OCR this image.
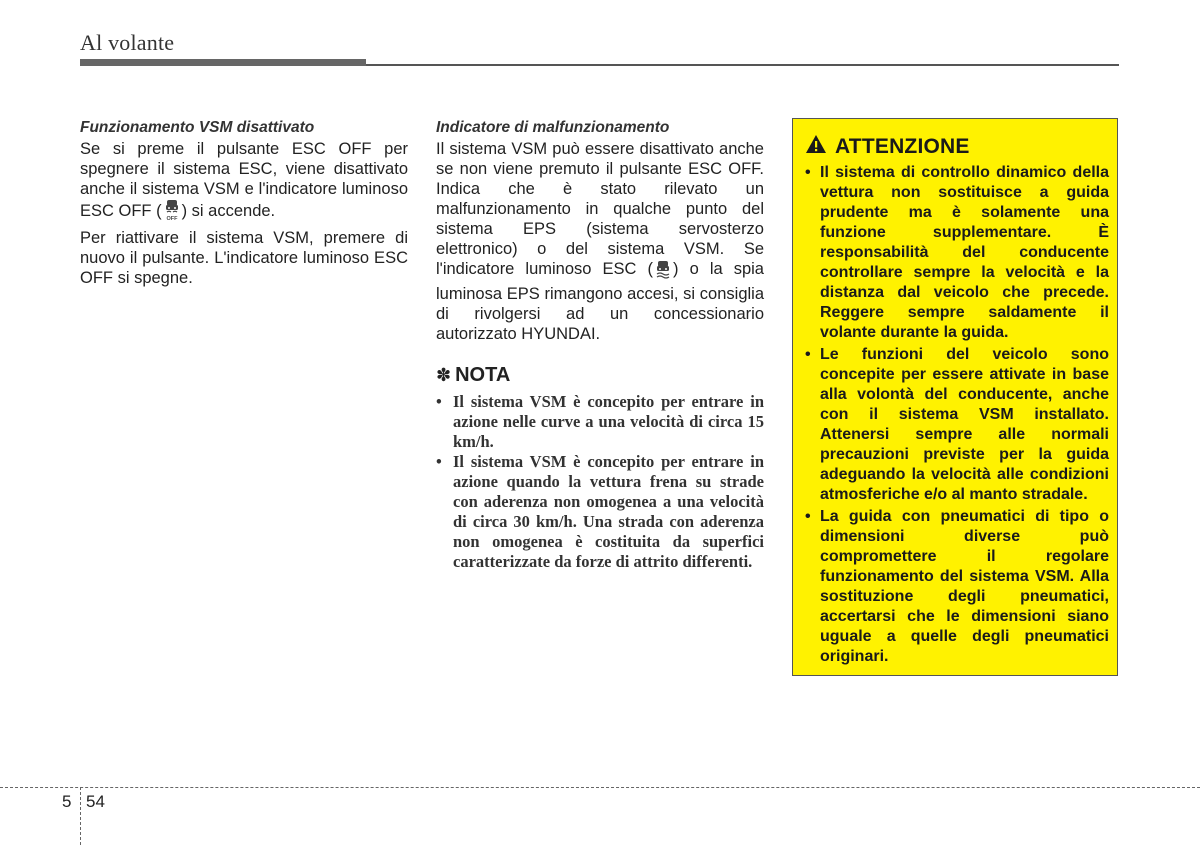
Al volante
Funzionamento VSM disattivato

Se si preme il pulsante ESC OFF per spegnere il sistema ESC, viene disattivato anche il sistema VSM e l'indicatore luminoso ESC OFF ( OFF ) si accende.

Per riattivare il sistema VSM, premere di nuovo il pulsante. L'indicatore luminoso ESC OFF si spegne.

Indicatore di malfunzionamento

Il sistema VSM può essere disattivato anche se non viene premuto il pulsante ESC OFF. Indica che è stato rilevato un malfunzionamento in qualche punto del sistema EPS (sistema servosterzo elettronico) o del sistema VSM. Se l'indicatore luminoso ESC ( ) o la spia luminosa EPS rimangono accesi, si consiglia di rivolgersi ad un concessionario autorizzato HYUNDAI.

✽ NOTA
• Il sistema VSM è concepito per entrare in azione nelle curve a una velocità di circa 15 km/h.
• Il sistema VSM è concepito per entrare in azione quando la vettura frena su strade con aderenza non omogenea a una velocità di circa 30 km/h. Una strada con aderenza non omogenea è costituita da superfici caratterizzate da forze di attrito differenti.
ATTENZIONE
• Il sistema di controllo dinamico della vettura non sostituisce a guida prudente ma è solamente una funzione supplementare. È responsabilità del conducente controllare sempre la velocità e la distanza dal veicolo che precede. Reggere sempre saldamente il volante durante la guida.
• Le funzioni del veicolo sono concepite per essere attivate in base alla volontà del conducente, anche con il sistema VSM installato. Attenersi sempre alle normali precauzioni previste per la guida adeguando la velocità alle condizioni atmosferiche e/o al manto stradale.
• La guida con pneumatici di tipo o dimensioni diverse può compromettere il regolare funzionamento del sistema VSM. Alla sostituzione degli pneumatici, accertarsi che le dimensioni siano uguale a quelle degli pneumatici originari.
5 54
